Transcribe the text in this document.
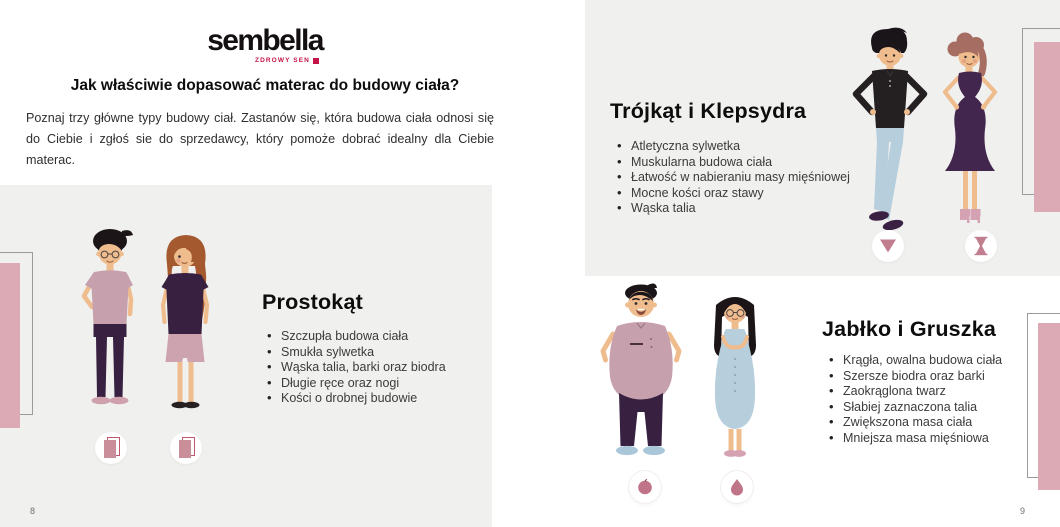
sembella
ZDROWY SEN
Jak właściwie dopasować materac do budowy ciała?

Poznaj trzy główne typy budowy ciał. Zastanów się, która budowa ciała odnosi się do Ciebie i zgłoś sie do sprzedawcy, który pomoże dobrać idealny dla Ciebie materac.

Prostokąt
• Szczupła budowa ciała
• Smukła sylwetka
• Wąska talia, barki oraz biodra
• Długie ręce oraz nogi
• Kości o drobnej budowie
8
Trójkąt i Klepsydra
• Atletyczna sylwetka
• Muskularna budowa ciała
• Łatwość w nabieraniu masy mięśniowej
• Mocne kości oraz stawy
• Wąska talia
Jabłko i Gruszka
• Krągła, owalna budowa ciała
• Szersze biodra oraz barki
• Zaokrąglona twarz
• Słabiej zaznaczona talia
• Zwiększona masa ciała
• Mniejsza masa mięśniowa
9
